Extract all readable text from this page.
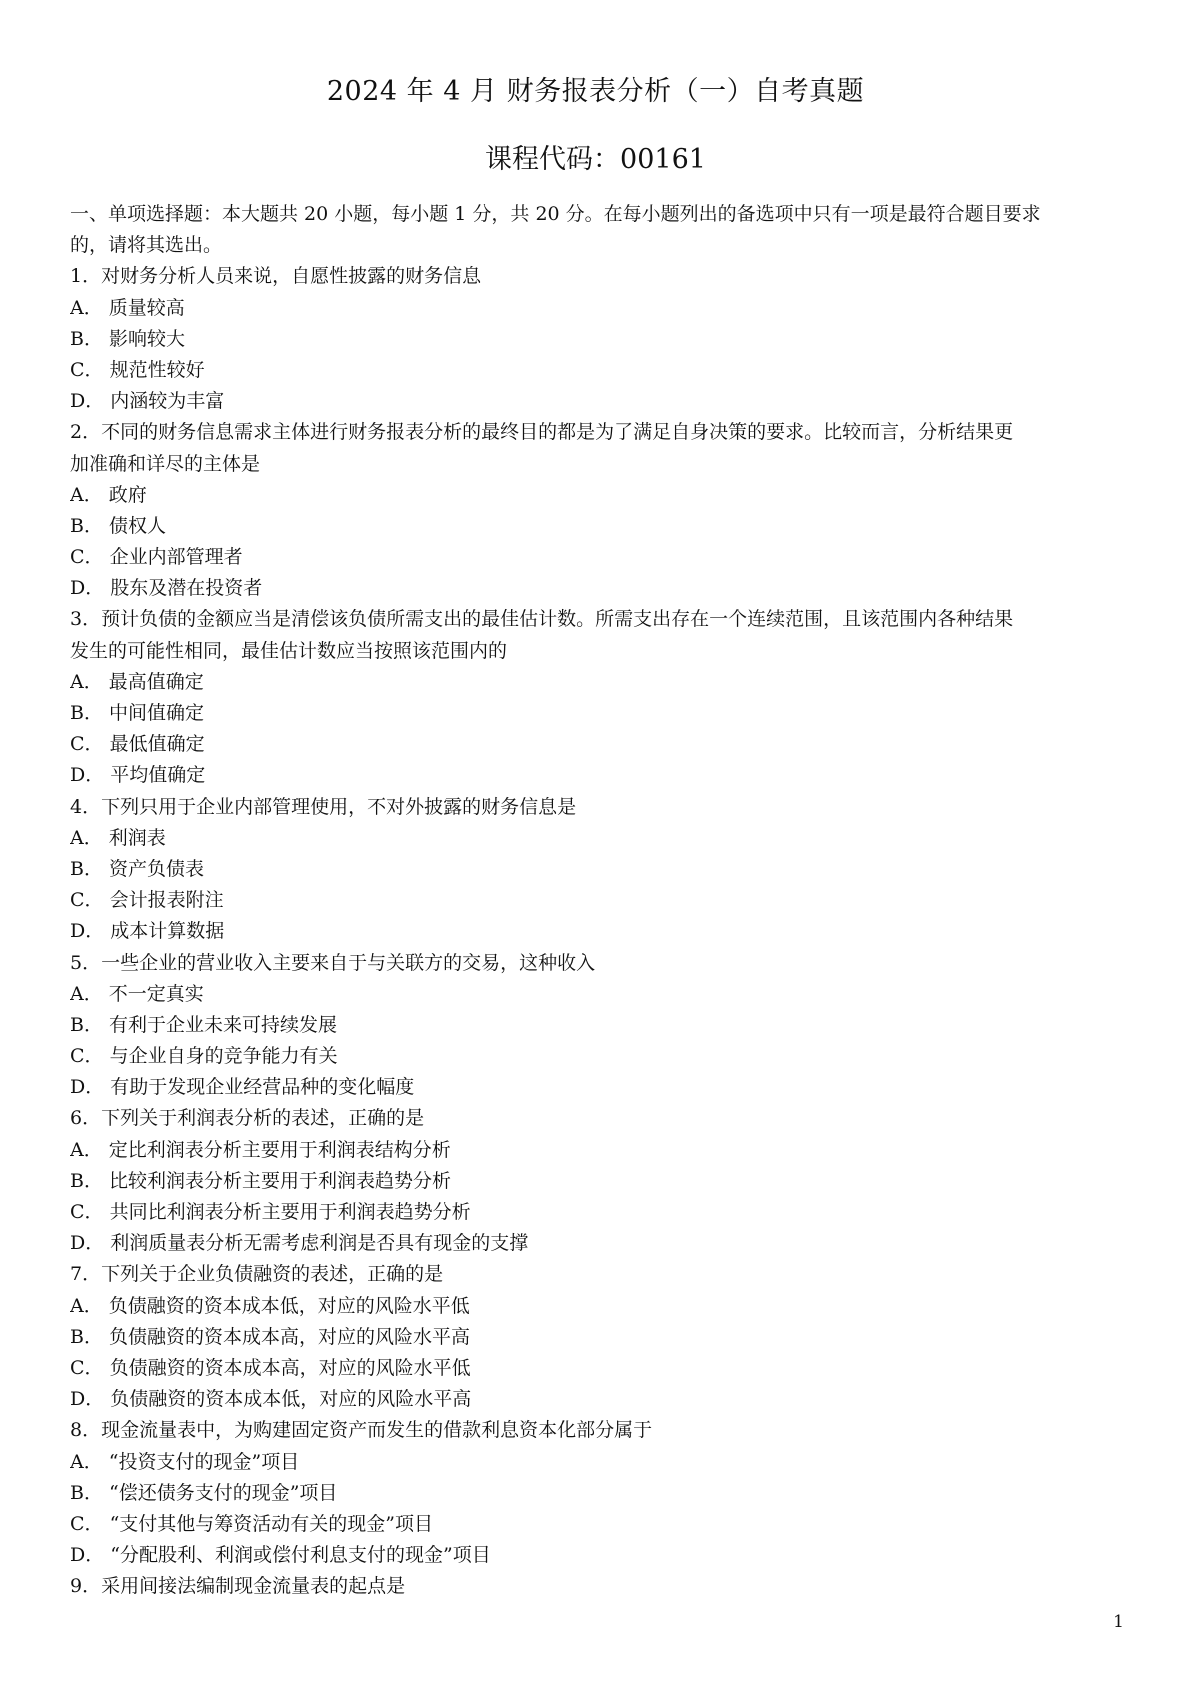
2024 年 4 月 财务报表分析（一）自考真题
课程代码：00161
一、单项选择题：本大题共 20 小题，每小题 1 分，共 20 分。在每小题列出的备选项中只有一项是最符合题目要求
的，请将其选出。
1．对财务分析人员来说，自愿性披露的财务信息
A． 质量较高
B． 影响较大
C． 规范性较好
D． 内涵较为丰富
2．不同的财务信息需求主体进行财务报表分析的最终目的都是为了满足自身决策的要求。比较而言，分析结果更
加准确和详尽的主体是
A． 政府
B． 债权人
C． 企业内部管理者
D． 股东及潜在投资者
3．预计负债的金额应当是清偿该负债所需支出的最佳估计数。所需支出存在一个连续范围，且该范围内各种结果
发生的可能性相同，最佳估计数应当按照该范围内的
A． 最高值确定
B． 中间值确定
C． 最低值确定
D． 平均值确定
4．下列只用于企业内部管理使用，不对外披露的财务信息是
A． 利润表
B． 资产负债表
C． 会计报表附注
D． 成本计算数据
5．一些企业的营业收入主要来自于与关联方的交易，这种收入
A． 不一定真实
B． 有利于企业未来可持续发展
C． 与企业自身的竞争能力有关
D． 有助于发现企业经营品种的变化幅度
6．下列关于利润表分析的表述，正确的是
A． 定比利润表分析主要用于利润表结构分析
B． 比较利润表分析主要用于利润表趋势分析
C． 共同比利润表分析主要用于利润表趋势分析
D． 利润质量表分析无需考虑利润是否具有现金的支撑
7．下列关于企业负债融资的表述，正确的是
A． 负债融资的资本成本低，对应的风险水平低
B． 负债融资的资本成本高，对应的风险水平高
C． 负债融资的资本成本高，对应的风险水平低
D． 负债融资的资本成本低，对应的风险水平高
8．现金流量表中，为购建固定资产而发生的借款利息资本化部分属于
A． “投资支付的现金”项目
B． “偿还债务支付的现金”项目
C． “支付其他与筹资活动有关的现金”项目
D． “分配股利、利润或偿付利息支付的现金”项目
9．采用间接法编制现金流量表的起点是
1
